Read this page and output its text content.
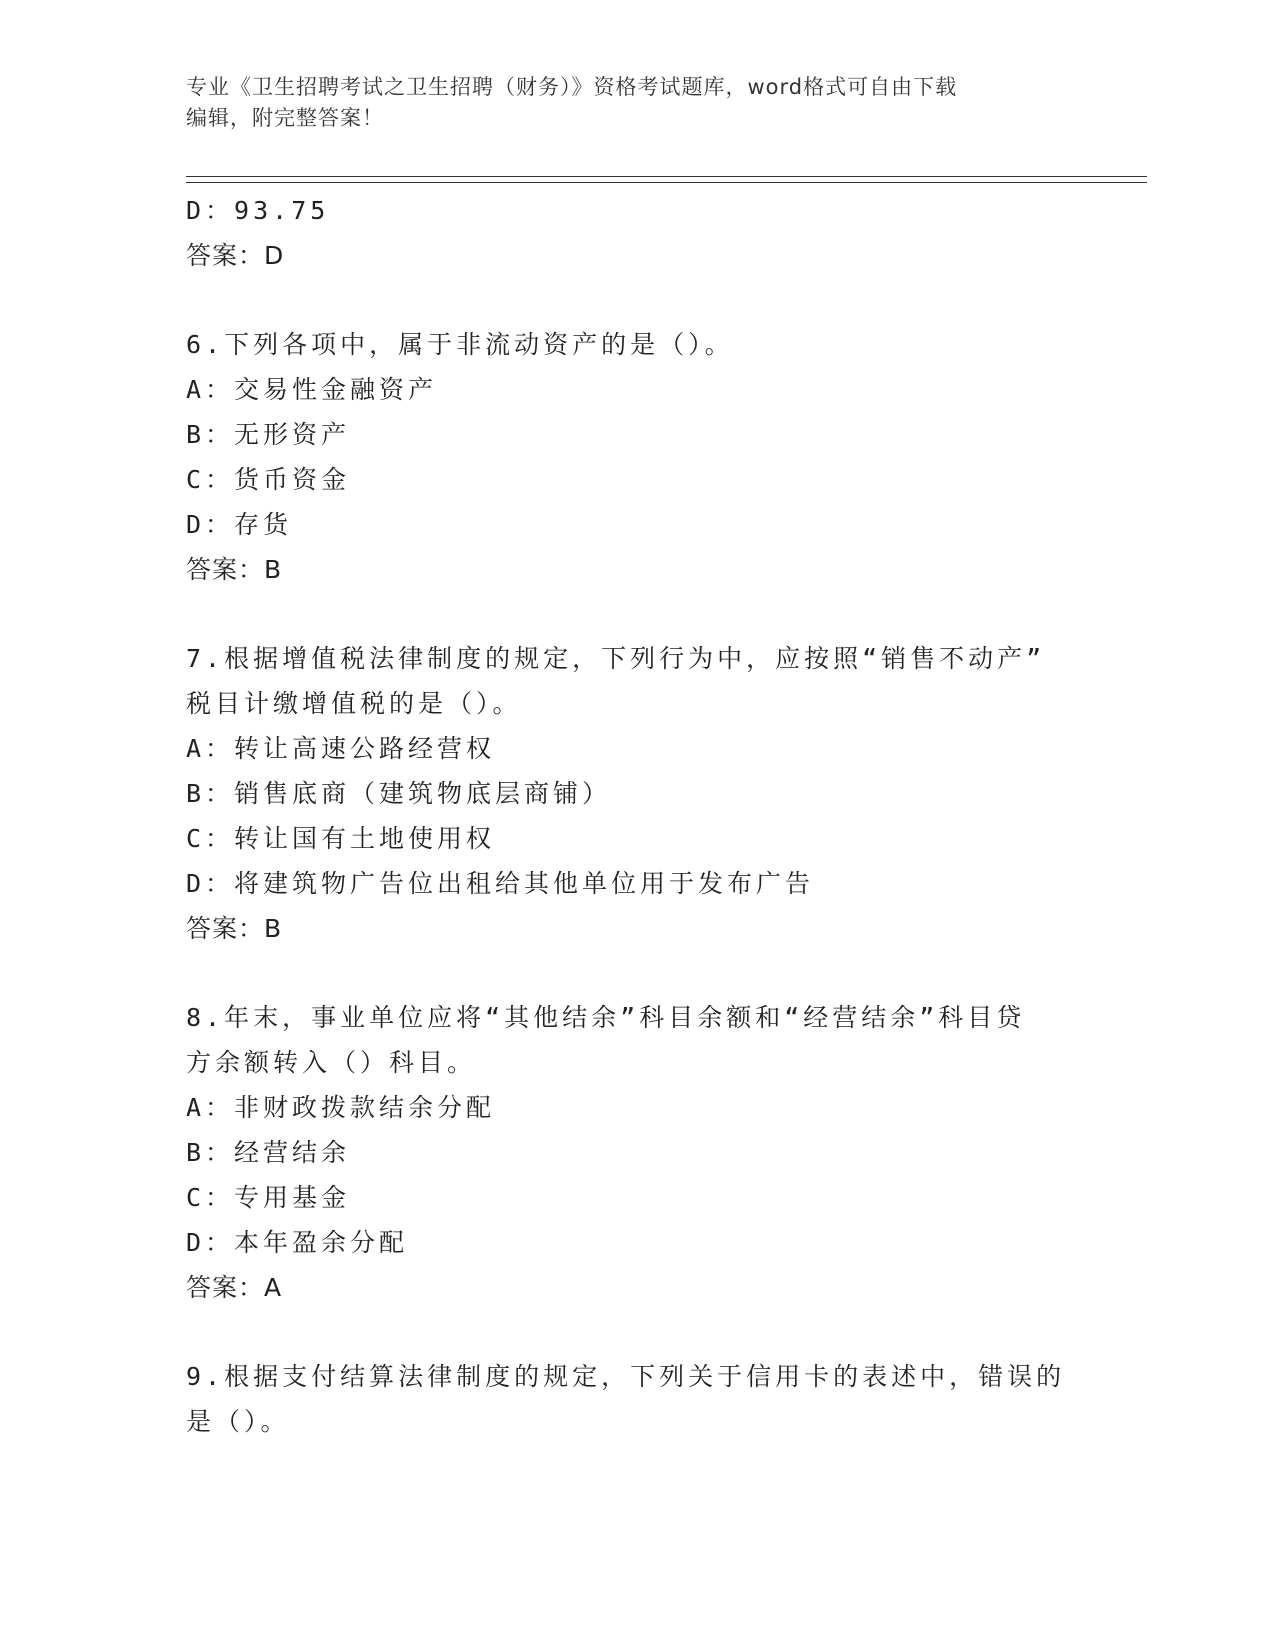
专业《卫生招聘考试之卫生招聘（财务）》资格考试题库，word格式可自由下载
编辑，附完整答案！
D：93.75
答案：D
6.下列各项中，属于非流动资产的是（）。
A：交易性金融资产
B：无形资产
C：货币资金
D：存货
答案：B
7.根据增值税法律制度的规定，下列行为中，应按照“销售不动产”
税目计缴增值税的是（）。
A：转让高速公路经营权
B：销售底商（建筑物底层商铺）
C：转让国有土地使用权
D：将建筑物广告位出租给其他单位用于发布广告
答案：B
8.年末，事业单位应将“其他结余”科目余额和“经营结余”科目贷
方余额转入（）科目。
A：非财政拨款结余分配
B：经营结余
C：专用基金
D：本年盈余分配
答案：A
9.根据支付结算法律制度的规定，下列关于信用卡的表述中，错误的
是（）。
